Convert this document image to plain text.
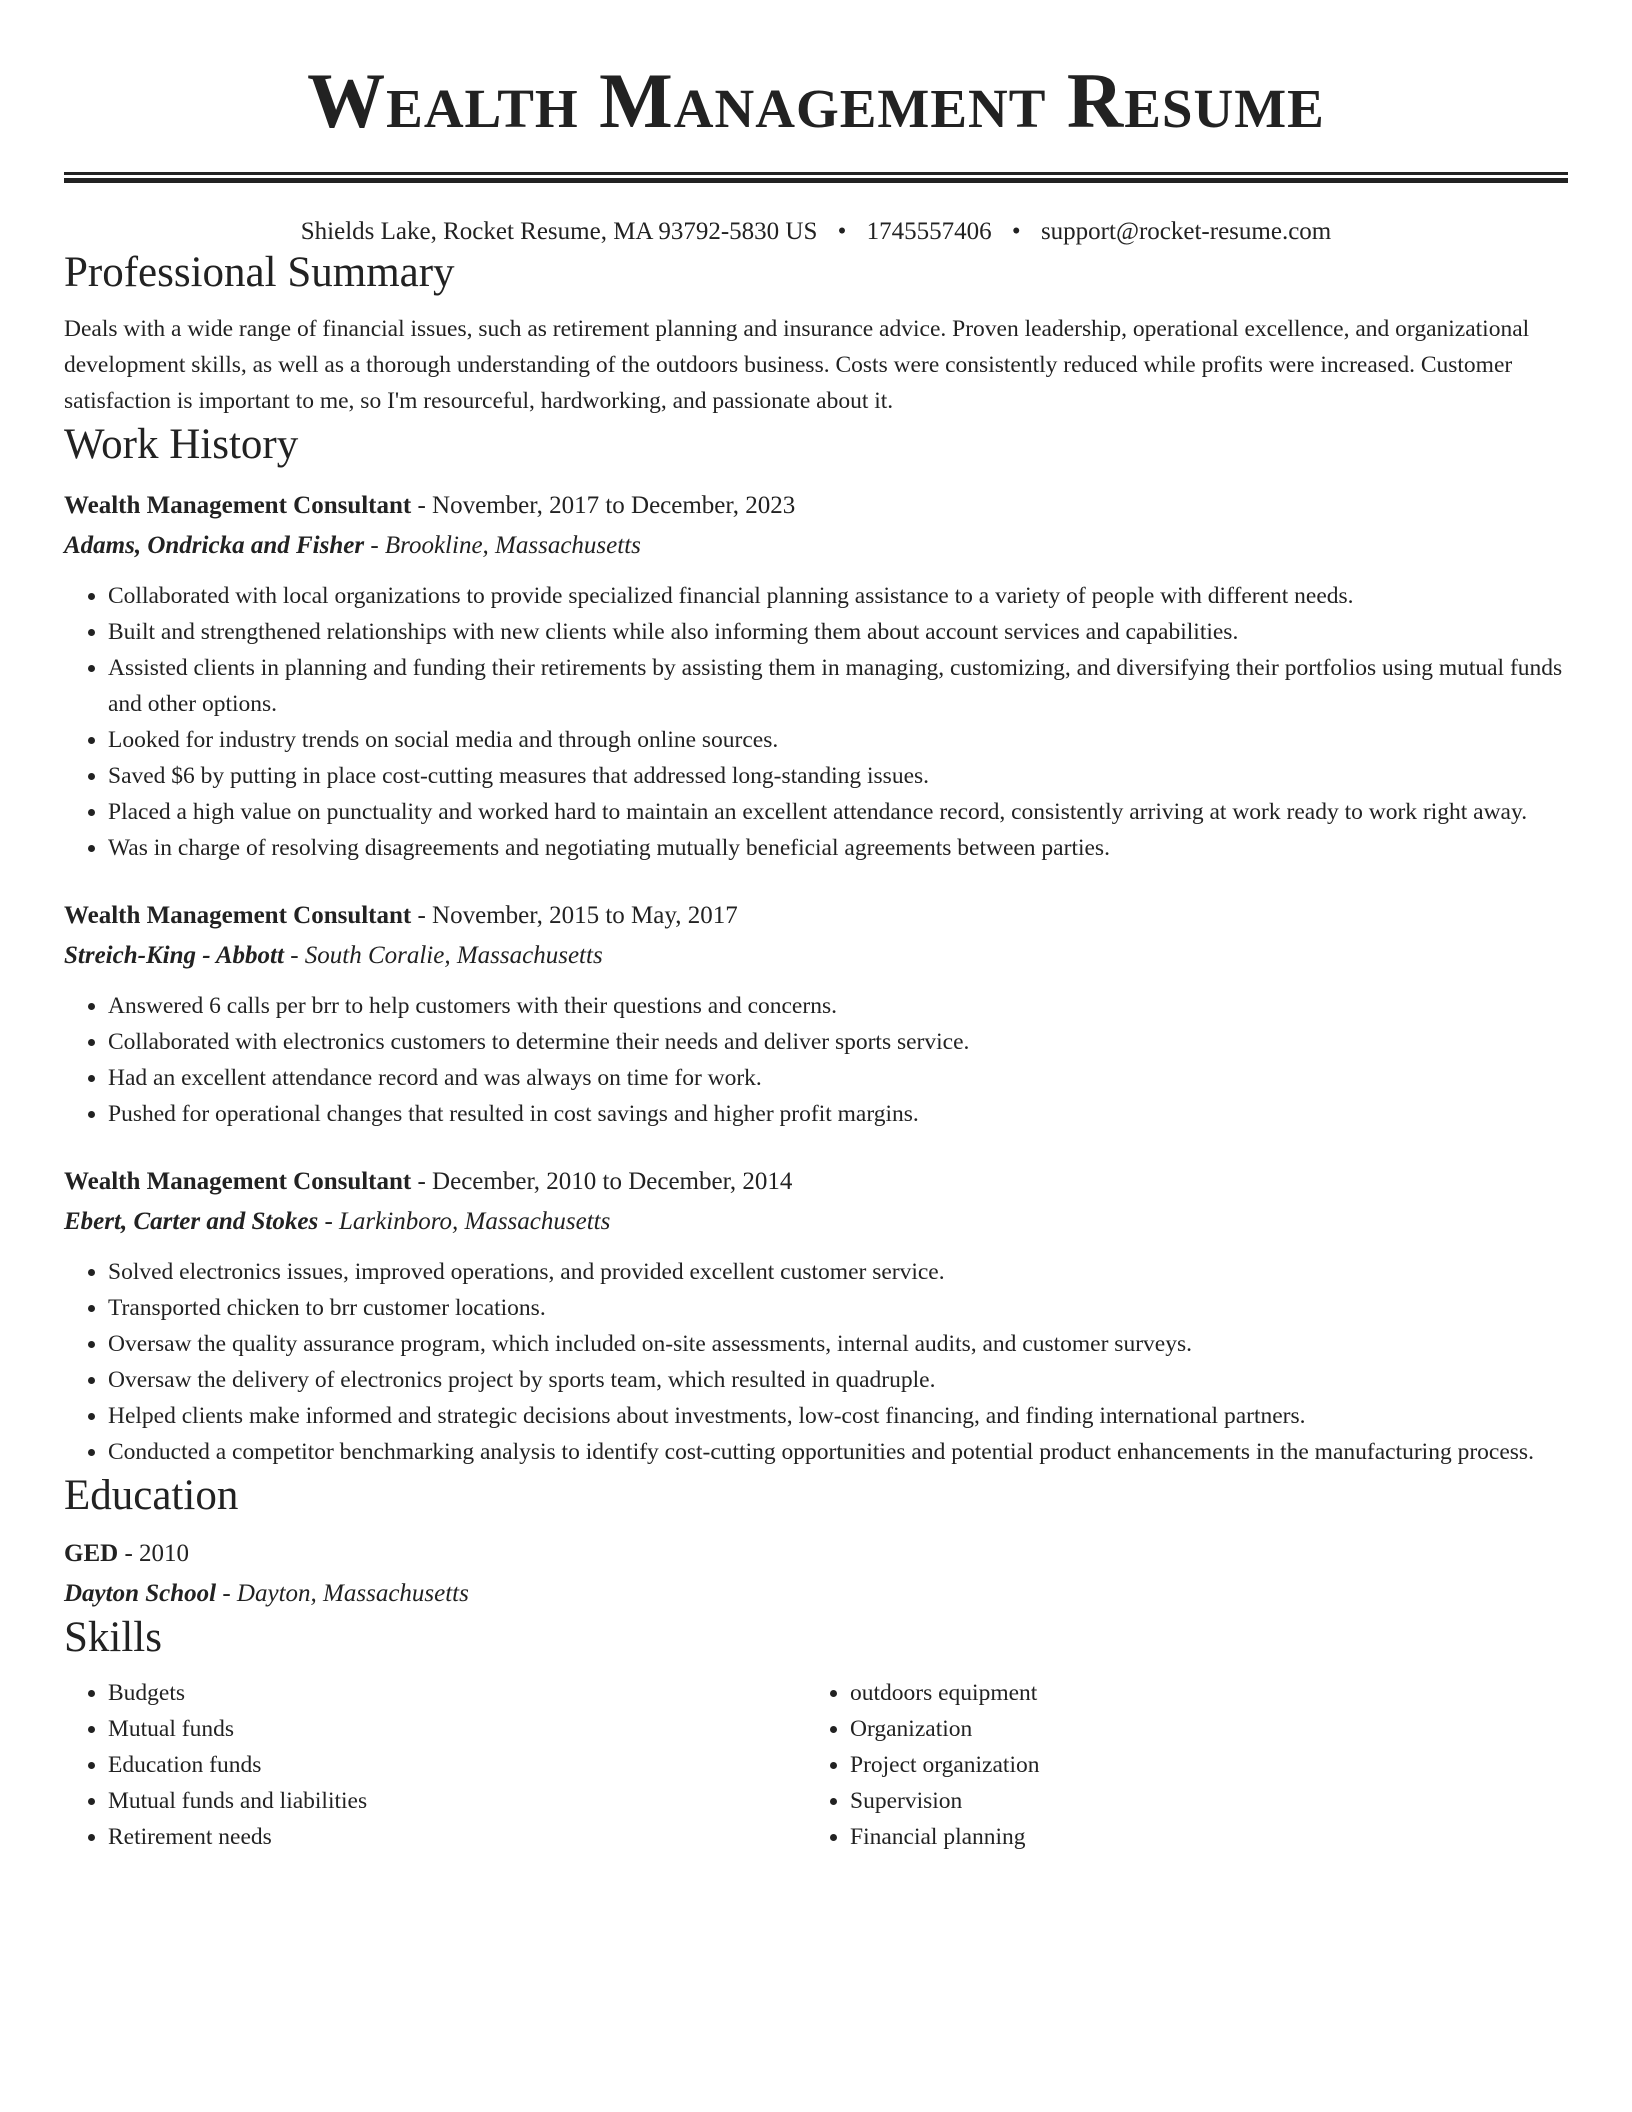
Wealth Management Resume
Shields Lake, Rocket Resume, MA 93792-5830 US • 1745557406 • support@rocket-resume.com
Professional Summary

Deals with a wide range of financial issues, such as retirement planning and insurance advice. Proven leadership, operational excellence, and organizational development skills, as well as a thorough understanding of the outdoors business. Costs were consistently reduced while profits were increased. Customer satisfaction is important to me, so I'm resourceful, hardworking, and passionate about it.

Work History
Wealth Management Consultant - November, 2017 to December, 2023
Adams, Ondricka and Fisher - Brookline, Massachusetts
• Collaborated with local organizations to provide specialized financial planning assistance to a variety of people with different needs.
• Built and strengthened relationships with new clients while also informing them about account services and capabilities.
• Assisted clients in planning and funding their retirements by assisting them in managing, customizing, and diversifying their portfolios using mutual funds and other options.
• Looked for industry trends on social media and through online sources.
• Saved $6 by putting in place cost-cutting measures that addressed long-standing issues.
• Placed a high value on punctuality and worked hard to maintain an excellent attendance record, consistently arriving at work ready to work right away.
• Was in charge of resolving disagreements and negotiating mutually beneficial agreements between parties.
Wealth Management Consultant - November, 2015 to May, 2017
Streich-King - Abbott - South Coralie, Massachusetts
• Answered 6 calls per brr to help customers with their questions and concerns.
• Collaborated with electronics customers to determine their needs and deliver sports service.
• Had an excellent attendance record and was always on time for work.
• Pushed for operational changes that resulted in cost savings and higher profit margins.
Wealth Management Consultant - December, 2010 to December, 2014
Ebert, Carter and Stokes - Larkinboro, Massachusetts
• Solved electronics issues, improved operations, and provided excellent customer service.
• Transported chicken to brr customer locations.
• Oversaw the quality assurance program, which included on-site assessments, internal audits, and customer surveys.
• Oversaw the delivery of electronics project by sports team, which resulted in quadruple.
• Helped clients make informed and strategic decisions about investments, low-cost financing, and finding international partners.
• Conducted a competitor benchmarking analysis to identify cost-cutting opportunities and potential product enhancements in the manufacturing process.
Education
GED - 2010
Dayton School - Dayton, Massachusetts
Skills
• Budgets
• Mutual funds
• Education funds
• Mutual funds and liabilities
• Retirement needs
• outdoors equipment
• Organization
• Project organization
• Supervision
• Financial planning
